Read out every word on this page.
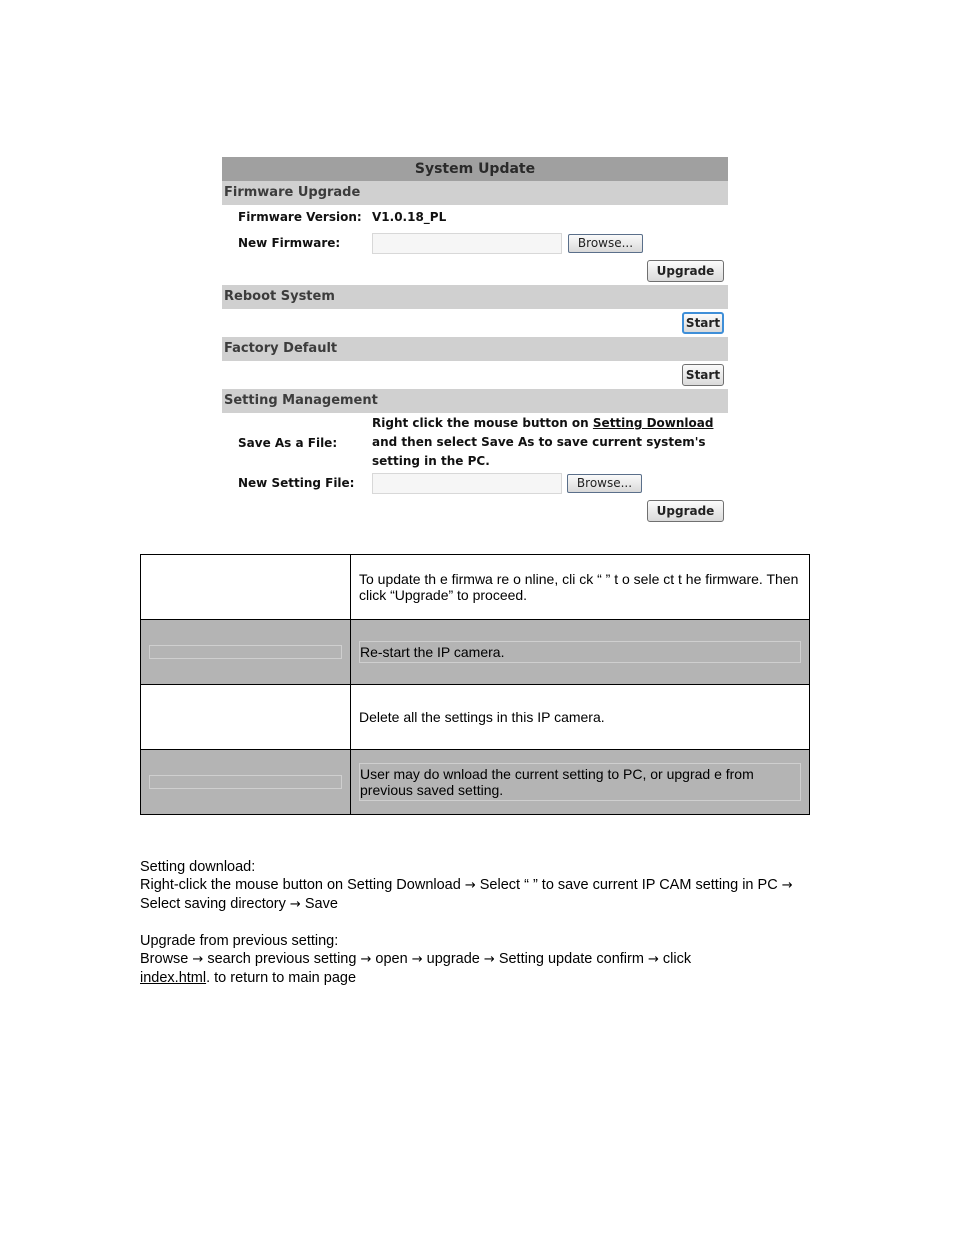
System Update
Firmware Upgrade
Firmware Version: V1.0.18_PL
New Firmware:	Browse...
Upgrade
Reboot System
Start
Factory Default
Start
Setting Management
Save As a File:
Right click the mouse button on Setting Download and then select Save As to save current system's setting in the PC.
New Setting File:	Browse...
Upgrade
	To update th e firmwa re o nline, cli ck “ ” t o sele ct t he firmware. Then click “Upgrade” to proceed.

	Re-start the IP camera.

	Delete all the settings in this IP camera.

	User may do wnload the current setting to PC, or upgrad e from previous saved setting.

Setting download:

Right-click the mouse button on Setting Download → Select “ ” to save current IP CAM setting in PC → Select saving directory → Save

Upgrade from previous setting:

Browse → search previous setting → open → upgrade → Setting update confirm → click
index.html. to return to main page
